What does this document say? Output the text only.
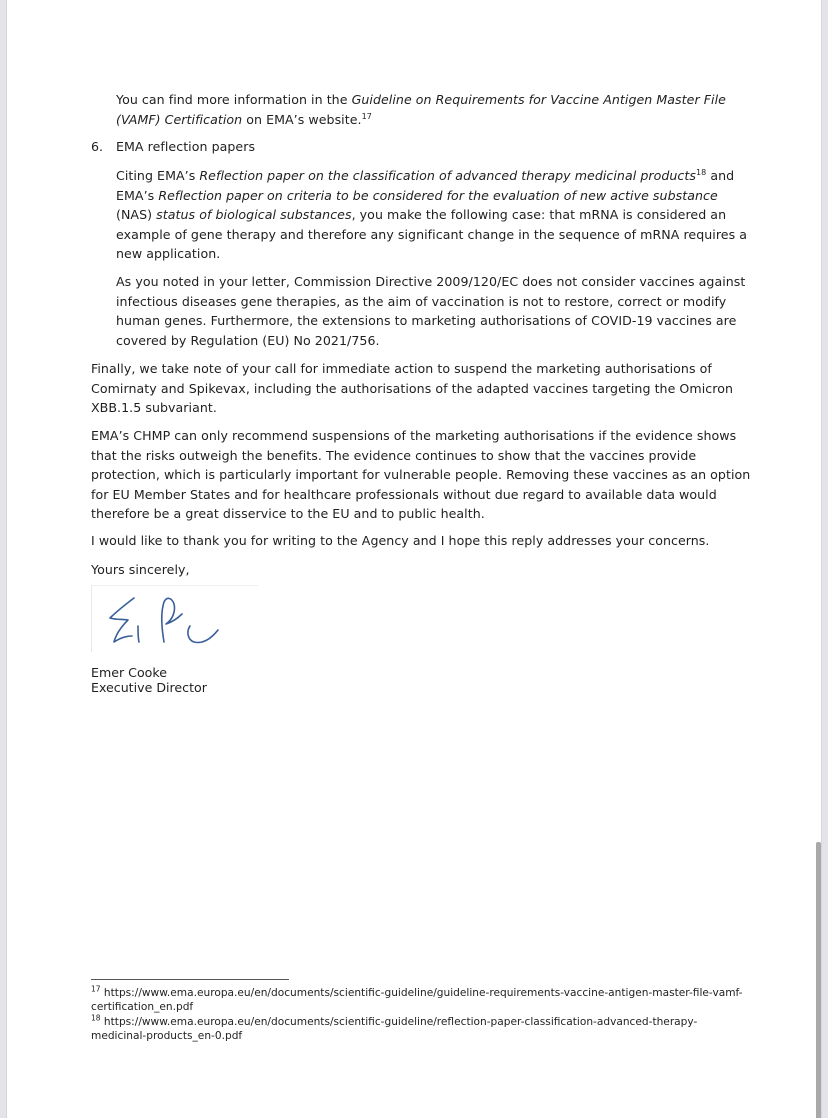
You can find more information in the Guideline on Requirements for Vaccine Antigen Master File (VAMF) Certification on EMA’s website.$^{17}$

6. EMA reflection papers

Citing EMA’s Reflection paper on the classification of advanced therapy medicinal products$^{18}$ and EMA’s Reflection paper on criteria to be considered for the evaluation of new active substance (NAS) status of biological substances, you make the following case: that mRNA is considered an example of gene therapy and therefore any significant change in the sequence of mRNA requires a new application.

As you noted in your letter, Commission Directive 2009/120/EC does not consider vaccines against infectious diseases gene therapies, as the aim of vaccination is not to restore, correct or modify human genes. Furthermore, the extensions to marketing authorisations of COVID-19 vaccines are covered by Regulation (EU) No 2021/756.

Finally, we take note of your call for immediate action to suspend the marketing authorisations of Comirnaty and Spikevax, including the authorisations of the adapted vaccines targeting the Omicron XBB.1.5 subvariant.

EMA’s CHMP can only recommend suspensions of the marketing authorisations if the evidence shows that the risks outweigh the benefits. The evidence continues to show that the vaccines provide protection, which is particularly important for vulnerable people. Removing these vaccines as an option for EU Member States and for healthcare professionals without due regard to available data would therefore be a great disservice to the EU and to public health.

I would like to thank you for writing to the Agency and I hope this reply addresses your concerns.

Yours sincerely,

Emer Cooke
Executive Director
$^{17}$ https://www.ema.europa.eu/en/documents/scientific-guideline/guideline-requirements-vaccine-antigen-master-file-vamf-certification_en.pdf
$^{18}$ https://www.ema.europa.eu/en/documents/scientific-guideline/reflection-paper-classification-advanced-therapy-medicinal-products_en-0.pdf
